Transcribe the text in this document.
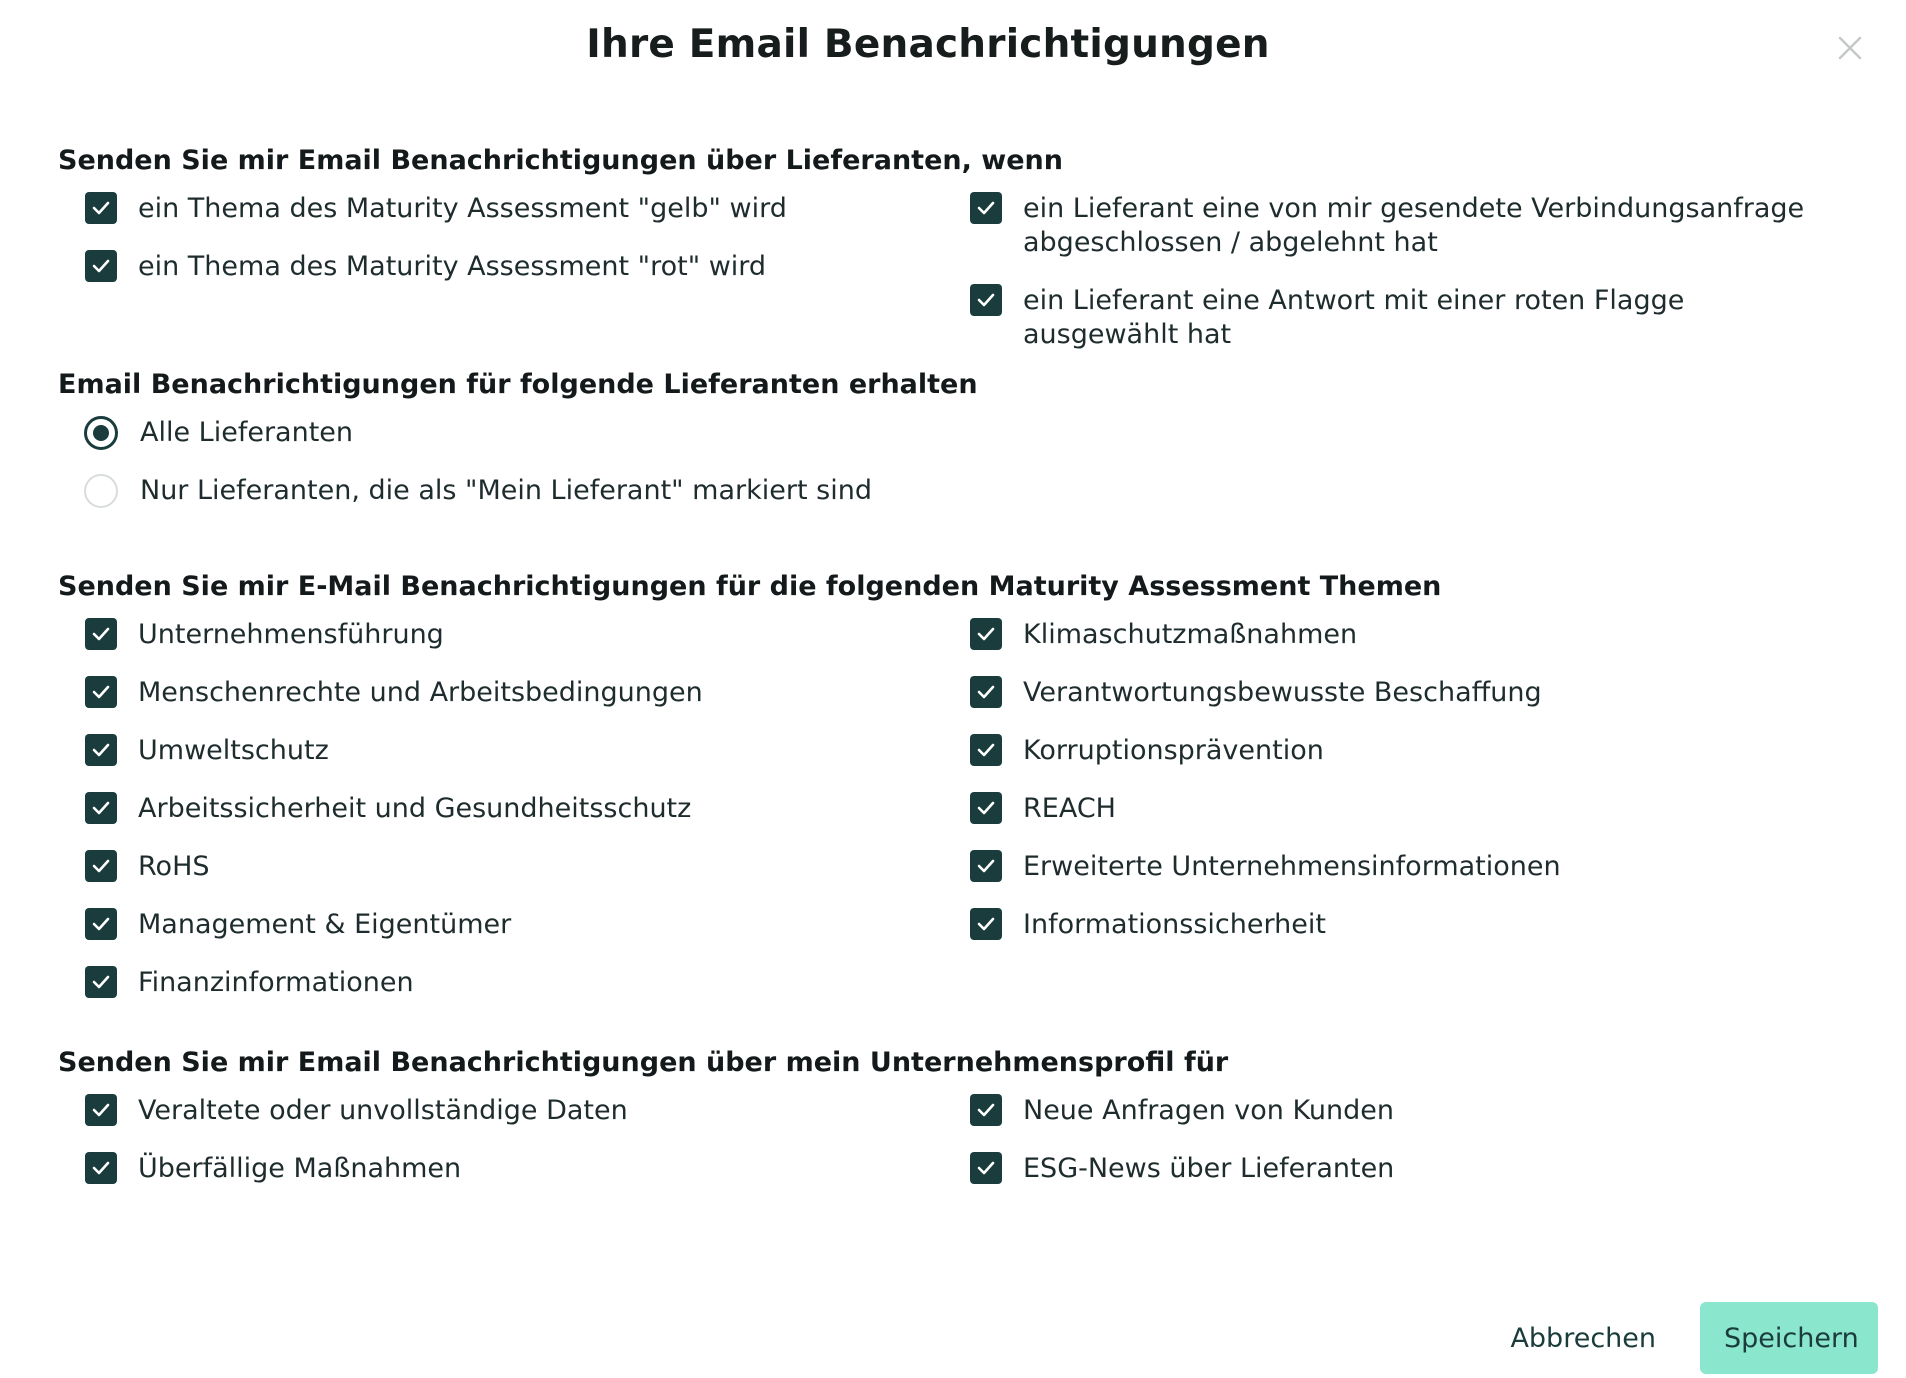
Ihre Email Benachrichtigungen
Senden Sie mir Email Benachrichtigungen über Lieferanten, wenn
ein Thema des Maturity Assessment "gelb" wird
ein Thema des Maturity Assessment "rot" wird
ein Lieferant eine von mir gesendete Verbindungsanfrage abgeschlossen / abgelehnt hat
ein Lieferant eine Antwort mit einer roten Flagge ausgewählt hat
Email Benachrichtigungen für folgende Lieferanten erhalten
Alle Lieferanten
Nur Lieferanten, die als "Mein Lieferant" markiert sind
Senden Sie mir E-Mail Benachrichtigungen für die folgenden Maturity Assessment Themen
Unternehmensführung
Menschenrechte und Arbeitsbedingungen
Umweltschutz
Arbeitssicherheit und Gesundheitsschutz
RoHS
Management & Eigentümer
Finanzinformationen
Klimaschutzmaßnahmen
Verantwortungsbewusste Beschaffung
Korruptionsprävention
REACH
Erweiterte Unternehmensinformationen
Informationssicherheit
Senden Sie mir Email Benachrichtigungen über mein Unternehmensprofil für
Veraltete oder unvollständige Daten
Überfällige Maßnahmen
Neue Anfragen von Kunden
ESG-News über Lieferanten
Abbrechen	Speichern
